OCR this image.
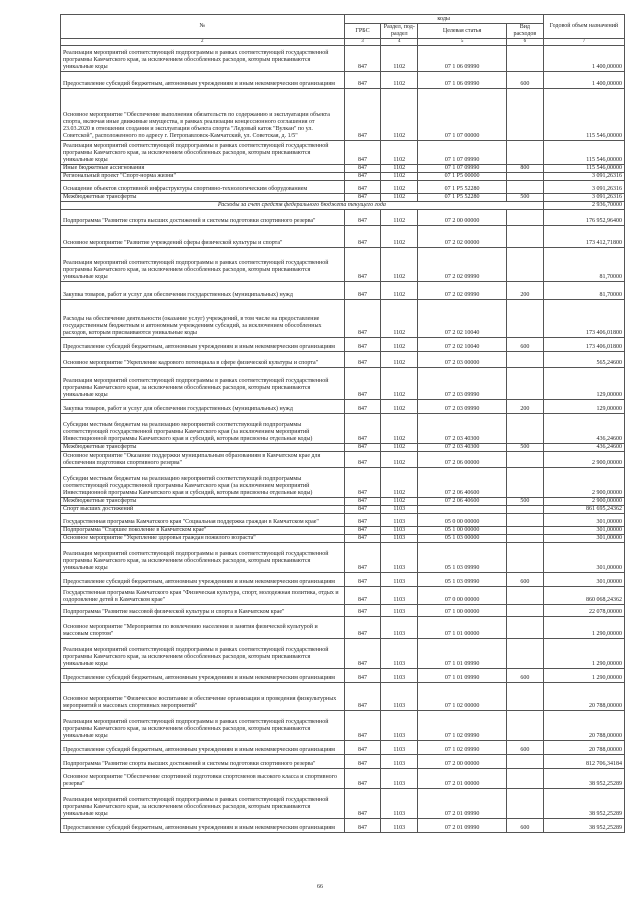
№	коды				Годовой объем назначений
	ГРБС	Раздел, под-раздел	Целевая статья	Вид расходов	
2	3	4	5	6	7
Реализация мероприятий соответствующей подпрограммы в рамках соответствующей государственной программы Камчатского края, за исключением обособленных расходов, которым присваиваются уникальные коды	847	1102	07 1 06 09990		1 400,00000
Предоставление субсидий бюджетным, автономным учреждениям и иным некоммерческим организациям	847	1102	07 1 06 09990	600	1 400,00000
Основное мероприятие "Обеспечение выполнения обязательств по содержанию и эксплуатации объекта спорта, включая иные движимые имущества, в рамках реализации концессионного соглашения от 23.03.2020 в отношении создания и эксплуатации объекта спорта "Ледовый каток "Вулкан" по ул. Советской", расположенного по адресу г. Петропавловск-Камчатский, ул. Советская, д. 1/5"	847	1102	07 1 07 00000		115 546,00000
Реализация мероприятий соответствующей подпрограммы в рамках соответствующей государственной программы Камчатского края, за исключением обособленных расходов, которым присваиваются уникальные коды	847	1102	07 1 07 09990		115 546,00000
Иные бюджетные ассигнования	847	1102	07 1 07 09990	800	115 546,00000
Региональный проект "Спорт-норма жизни"	847	1102	07 1 P5 00000		3 091,26316
Оснащение объектов спортивной инфраструктуры спортивно-технологическим оборудованием	847	1102	07 1 P5 52280		3 091,26316
Межбюджетные трансферты	847	1102	07 1 P5 52280	500	3 091,26316
Расходы за счет средств федерального бюджета текущего года					2 936,70000
Подпрограмма "Развитие спорта высших достижений и системы подготовки спортивного резерва"	847	1102	07 2 00 00000		176 952,96400
Основное мероприятие "Развитие учреждений сферы физической культуры и спорта"	847	1102	07 2 02 00000		173 412,71800
Реализация мероприятий соответствующей подпрограммы в рамках соответствующей государственной программы Камчатского края, за исключением обособленных расходов, которым присваиваются уникальные коды	847	1102	07 2 02 09990		81,70000
Закупка товаров, работ и услуг для обеспечения государственных (муниципальных) нужд	847	1102	07 2 02 09990	200	81,70000
Расходы на обеспечение деятельности (оказание услуг) учреждений, в том числе на предоставление государственным бюджетным и автономным учреждениям субсидий, за исключением обособленных расходов, которым присваиваются уникальные коды	847	1102	07 2 02 10040		173 406,01800
Предоставление субсидий бюджетным, автономным учреждениям и иным некоммерческим организациям	847	1102	07 2 02 10040	600	173 406,01800
Основное мероприятие "Укрепление кадрового потенциала в сфере физической культуры и спорта"	847	1102	07 2 03 00000		565,24600
Реализация мероприятий соответствующей подпрограммы в рамках соответствующей государственной программы Камчатского края, за исключением обособленных расходов, которым присваиваются уникальные коды	847	1102	07 2 03 09990		129,00000
Закупка товаров, работ и услуг для обеспечения государственных (муниципальных) нужд	847	1102	07 2 03 09990	200	129,00000
Субсидии местным бюджетам на реализацию мероприятий соответствующей подпрограммы соответствующей государственной программы Камчатского края (за исключением мероприятий Инвестиционной программы Камчатского края и субсидий, которым присвоены отдельные коды)	847	1102	07 2 03 40300		436,24600
Межбюджетные трансферты	847	1102	07 2 03 40300	500	436,24600
Основное мероприятие "Оказание поддержки муниципальным образованиям в Камчатском крае для обеспечения подготовки спортивного резерва"	847	1102	07 2 06 00000		2 900,00000
Субсидии местным бюджетам на реализацию мероприятий соответствующей подпрограммы соответствующей государственной программы Камчатского края (за исключением мероприятий Инвестиционной программы Камчатского края и субсидий, которым присвоены отдельные коды)	847	1102	07 2 06 40600		2 900,00000
Межбюджетные трансферты	847	1102	07 2 06 40600	500	2 900,00000
Спорт высших достижений	847	1103			861 695,24362
Государственная программа Камчатского края "Социальная поддержка граждан в Камчатском крае"	847	1103	05 0 00 00000		301,00000
Подпрограмма "Старшее поколение в Камчатском крае"	847	1103	05 1 00 00000		301,00000
Основное мероприятие "Укрепление здоровья граждан пожилого возраста"	847	1103	05 1 03 00000		301,00000
Реализация мероприятий соответствующей подпрограммы в рамках соответствующей государственной программы Камчатского края, за исключением обособленных расходов, которым присваиваются уникальные коды	847	1103	05 1 03 09990		301,00000
Предоставление субсидий бюджетным, автономным учреждениям и иным некоммерческим организациям	847	1103	05 1 03 09990	600	301,00000
Государственная программа Камчатского края "Физическая культура, спорт, молодежная политика, отдых и оздоровление детей в Камчатском крае"	847	1103	07 0 00 00000		860 068,24362
Подпрограмма "Развитие массовой физической культуры и спорта в Камчатском крае"	847	1103	07 1 00 00000		22 078,00000
Основное мероприятие "Мероприятия по вовлечению населения в занятия физической культурой и массовым спортом"	847	1103	07 1 01 00000		1 290,00000
Реализация мероприятий соответствующей подпрограммы в рамках соответствующей государственной программы Камчатского края, за исключением обособленных расходов, которым присваиваются уникальные коды	847	1103	07 1 01 09990		1 290,00000
Предоставление субсидий бюджетным, автономным учреждениям и иным некоммерческим организациям	847	1103	07 1 01 09990	600	1 290,00000
Основное мероприятие "Физическое воспитание и обеспечение организации и проведения физкультурных мероприятий и массовых спортивных мероприятий"	847	1103	07 1 02 00000		20 788,00000
Реализация мероприятий соответствующей подпрограммы в рамках соответствующей государственной программы Камчатского края, за исключением обособленных расходов, которым присваиваются уникальные коды	847	1103	07 1 02 09990		20 788,00000
Предоставление субсидий бюджетным, автономным учреждениям и иным некоммерческим организациям	847	1103	07 1 02 09990	600	20 788,00000
Подпрограмма "Развитие спорта высших достижений и системы подготовки спортивного резерва"	847	1103	07 2 00 00000		812 706,34184
Основное мероприятие "Обеспечение спортивной подготовки спортсменов высокого класса и спортивного резерва"	847	1103	07 2 01 00000		38 952,25289
Реализация мероприятий соответствующей подпрограммы в рамках соответствующей государственной программы Камчатского края, за исключением обособленных расходов, которым присваиваются уникальные коды	847	1103	07 2 01 09990		38 952,25289
Предоставление субсидий бюджетным, автономным учреждениям и иным некоммерческим организациям	847	1103	07 2 01 09990	600	38 952,25289
66
